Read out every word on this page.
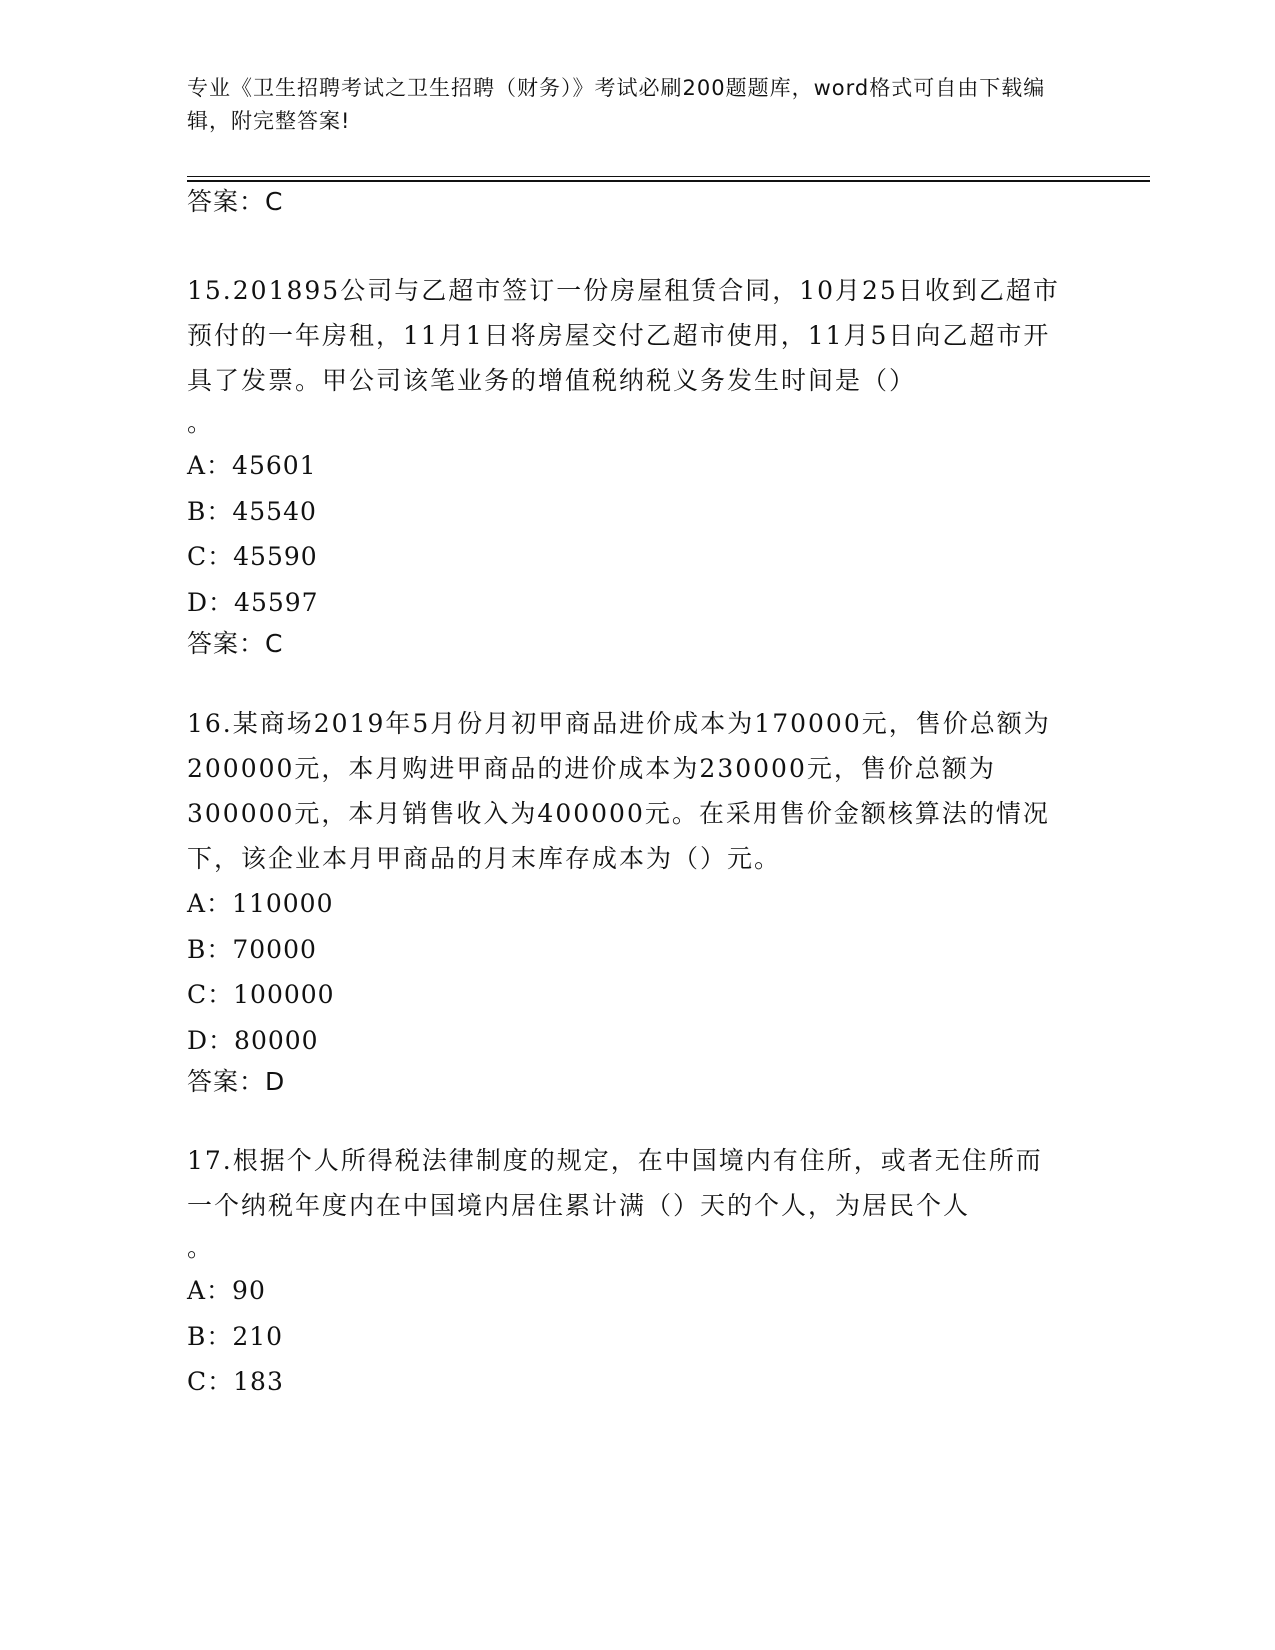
专业《卫生招聘考试之卫生招聘（财务）》考试必刷200题题库，word格式可自由下载编辑，附完整答案!
答案：C
15.201895公司与乙超市签订一份房屋租赁合同，10月25日收到乙超市预付的一年房租，11月1日将房屋交付乙超市使用，11月5日向乙超市开具了发票。甲公司该笔业务的增值税纳税义务发生时间是（）
。
A：45601
B：45540
C：45590
D：45597
答案：C
16.某商场2019年5月份月初甲商品进价成本为170000元，售价总额为200000元，本月购进甲商品的进价成本为230000元，售价总额为300000元，本月销售收入为400000元。在采用售价金额核算法的情况下，该企业本月甲商品的月末库存成本为（）元。
A：110000
B：70000
C：100000
D：80000
答案：D
17.根据个人所得税法律制度的规定，在中国境内有住所，或者无住所而一个纳税年度内在中国境内居住累计满（）天的个人，为居民个人
。
A：90
B：210
C：183
